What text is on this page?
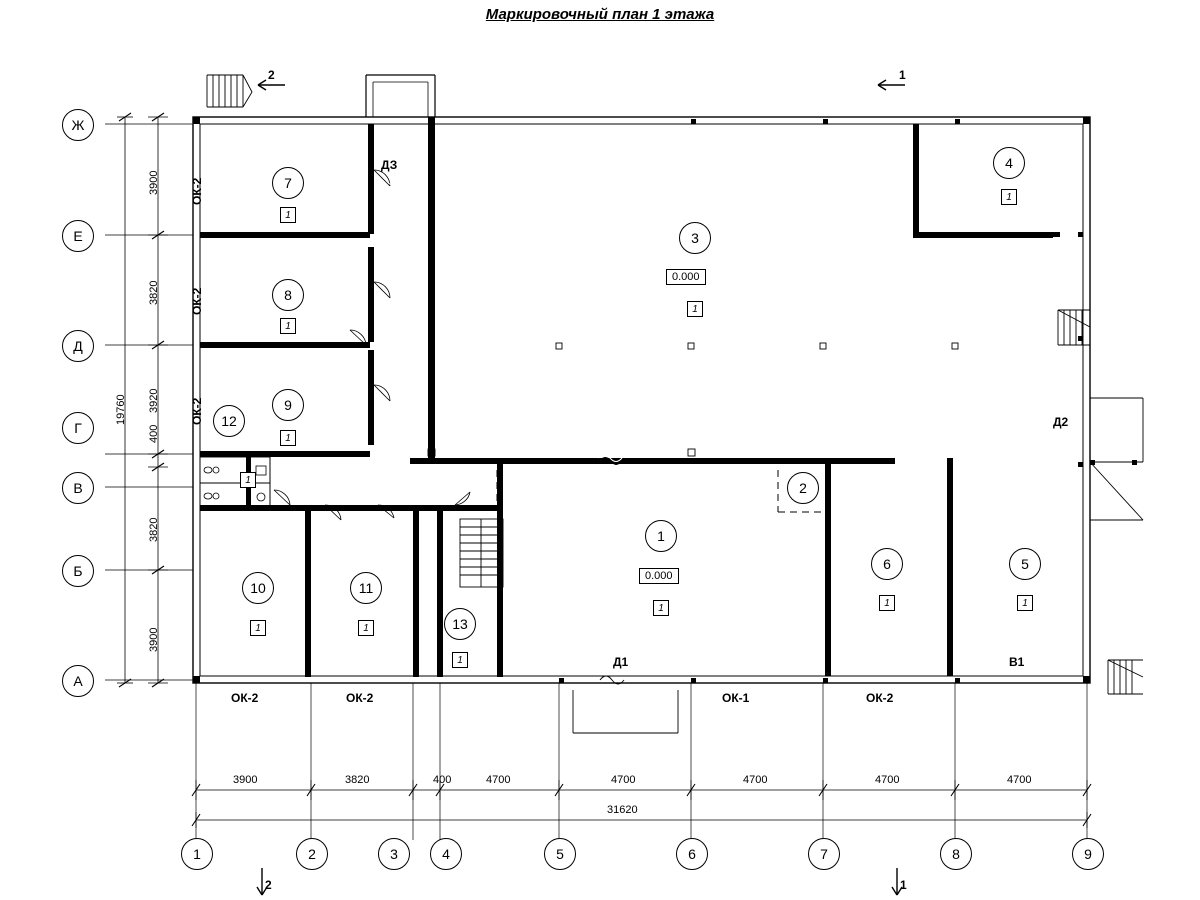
Маркировочный план 1 этажа
Ж
Е
Д
Г
В
Б
А
1	2	3	4	5	6	7	8	9
3900
3820
3920
400
3820
3900
19760
3900	3820	400	4700	4700	4700	4700	4700
31620
7
1
8
1
9
1
12
1
10
1
11
1	13
1
3
0.000
1
4
1
1
0.000
1
2
6
1
5
1
ОК-2
ОК-2
ОК-2
ОК-2	ОК-2	ОК-1	ОК-2
ДЗ
Д2
Д1	В1
2	1
2	1
